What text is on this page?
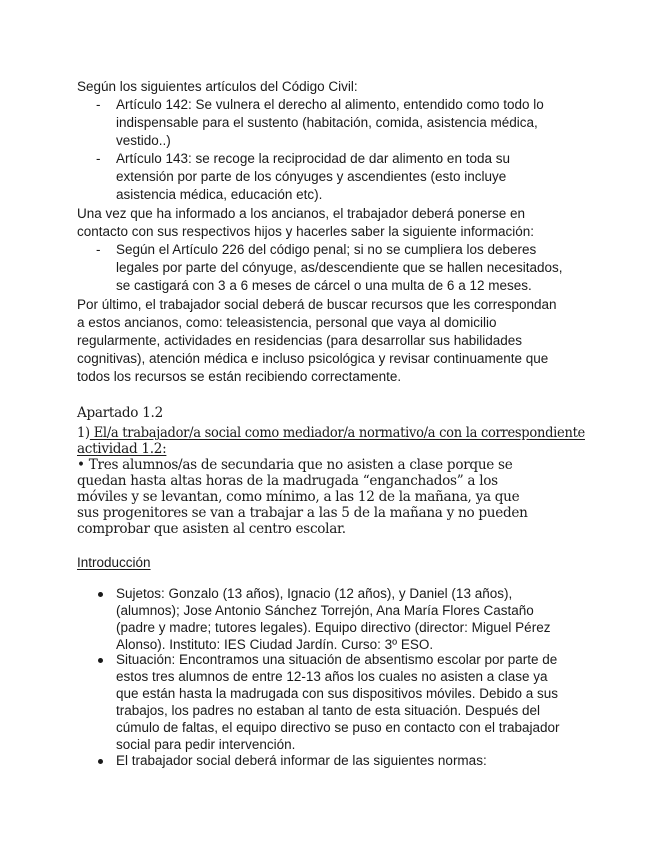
Según los siguientes artículos del Código Civil:
- Artículo 142: Se vulnera el derecho al alimento, entendido como todo lo
indispensable para el sustento (habitación, comida, asistencia médica,
vestido..)
- Artículo 143: se recoge la reciprocidad de dar alimento en toda su
extensión por parte de los cónyuges y ascendientes (esto incluye
asistencia médica, educación etc).
Una vez que ha informado a los ancianos, el trabajador deberá ponerse en
contacto con sus respectivos hijos y hacerles saber la siguiente información:
- Según el Artículo 226 del código penal; si no se cumpliera los deberes
legales por parte del cónyuge, as/descendiente que se hallen necesitados,
se castigará con 3 a 6 meses de cárcel o una multa de 6 a 12 meses.
Por último, el trabajador social deberá de buscar recursos que les correspondan
a estos ancianos, como: teleasistencia, personal que vaya al domicilio
regularmente, actividades en residencias (para desarrollar sus habilidades
cognitivas), atención médica e incluso psicológica y revisar continuamente que
todos los recursos se están recibiendo correctamente.
Apartado 1.2
1) El/a trabajador/a social como mediador/a normativo/a con la correspondiente
actividad 1.2:
• Tres alumnos/as de secundaria que no asisten a clase porque se
quedan hasta altas horas de la madrugada “enganchados” a los
móviles y se levantan, como mínimo, a las 12 de la mañana, ya que
sus progenitores se van a trabajar a las 5 de la mañana y no pueden
comprobar que asisten al centro escolar.
Introducción
Sujetos: Gonzalo (13 años), Ignacio (12 años), y Daniel (13 años),
(alumnos); Jose Antonio Sánchez Torrejón, Ana María Flores Castaño
(padre y madre; tutores legales). Equipo directivo (director: Miguel Pérez
Alonso). Instituto: IES Ciudad Jardín. Curso: 3º ESO.
Situación: Encontramos una situación de absentismo escolar por parte de
estos tres alumnos de entre 12-13 años los cuales no asisten a clase ya
que están hasta la madrugada con sus dispositivos móviles. Debido a sus
trabajos, los padres no estaban al tanto de esta situación. Después del
cúmulo de faltas, el equipo directivo se puso en contacto con el trabajador
social para pedir intervención.
El trabajador social deberá informar de las siguientes normas:
